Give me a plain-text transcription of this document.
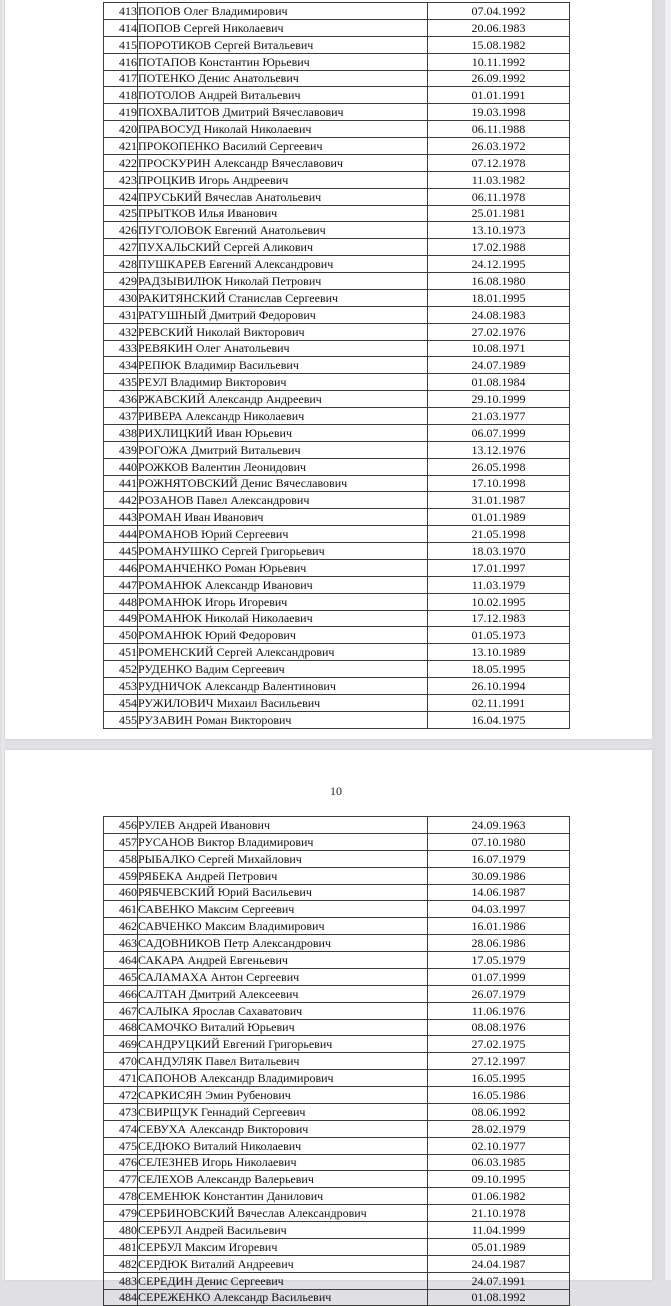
413	ПОПОВ Олег Владимирович	07.04.1992
414	ПОПОВ Сергей Николаевич	20.06.1983
415	ПОРОТИКОВ Сергей Витальевич	15.08.1982
416	ПОТАПОВ Константин Юрьевич	10.11.1992
417	ПОТЕНКО Денис Анатольевич	26.09.1992
418	ПОТОЛОВ Андрей Витальевич	01.01.1991
419	ПОХВАЛИТОВ Дмитрий Вячеславович	19.03.1998
420	ПРАВОСУД Николай Николаевич	06.11.1988
421	ПРОКОПЕНКО Василий Сергеевич	26.03.1972
422	ПРОСКУРИН Александр Вячеславович	07.12.1978
423	ПРОЦКИВ Игорь Андреевич	11.03.1982
424	ПРУСЬКИЙ Вячеслав Анатольевич	06.11.1978
425	ПРЫТКОВ Илья Иванович	25.01.1981
426	ПУГОЛОВОК Евгений Анатольевич	13.10.1973
427	ПУХАЛЬСКИЙ Сергей Аликович	17.02.1988
428	ПУШКАРЕВ Евгений Александрович	24.12.1995
429	РАДЗЫВИЛЮК Николай Петрович	16.08.1980
430	РАКИТЯНСКИЙ Станислав Сергеевич	18.01.1995
431	РАТУШНЫЙ Дмитрий Федорович	24.08.1983
432	РЕВСКИЙ Николай Викторович	27.02.1976
433	РЕВЯКИН Олег Анатольевич	10.08.1971
434	РЕПЮК Владимир Васильевич	24.07.1989
435	РЕУЛ Владимир Викторович	01.08.1984
436	РЖАВСКИЙ Александр Андреевич	29.10.1999
437	РИВЕРА Александр Николаевич	21.03.1977
438	РИХЛИЦКИЙ Иван Юрьевич	06.07.1999
439	РОГОЖА Дмитрий Витальевич	13.12.1976
440	РОЖКОВ Валентин Леонидович	26.05.1998
441	РОЖНЯТОВСКИЙ Денис Вячеславович	17.10.1998
442	РОЗАНОВ Павел Александрович	31.01.1987
443	РОМАН Иван Иванович	01.01.1989
444	РОМАНОВ Юрий Сергеевич	21.05.1998
445	РОМАНУШКО Сергей Григорьевич	18.03.1970
446	РОМАНЧЕНКО Роман Юрьевич	17.01.1997
447	РОМАНЮК Александр Иванович	11.03.1979
448	РОМАНЮК Игорь Игоревич	10.02.1995
449	РОМАНЮК Николай Николаевич	17.12.1983
450	РОМАНЮК Юрий Федорович	01.05.1973
451	РОМЕНСКИЙ Сергей Александрович	13.10.1989
452	РУДЕНКО Вадим Сергеевич	18.05.1995
453	РУДНИЧОК Александр Валентинович	26.10.1994
454	РУЖИЛОВИЧ Михаил Васильевич	02.11.1991
455	РУЗАВИН Роман Викторович	16.04.1975
10
456	РУЛЕВ Андрей Иванович	24.09.1963
457	РУСАНОВ Виктор Владимирович	07.10.1980
458	РЫБАЛКО Сергей Михайлович	16.07.1979
459	РЯБЕКА Андрей Петрович	30.09.1986
460	РЯБЧЕВСКИЙ Юрий Васильевич	14.06.1987
461	САВЕНКО Максим Сергеевич	04.03.1997
462	САВЧЕНКО Максим Владимирович	16.01.1986
463	САДОВНИКОВ Петр Александрович	28.06.1986
464	САКАРА Андрей Евгеньевич	17.05.1979
465	САЛАМАХА Антон Сергеевич	01.07.1999
466	САЛТАН Дмитрий Алексеевич	26.07.1979
467	САЛЫКА Ярослав Сахаватович	11.06.1976
468	САМОЧКО Виталий Юрьевич	08.08.1976
469	САНДРУЦКИЙ Евгений Григорьевич	27.02.1975
470	САНДУЛЯК Павел Витальевич	27.12.1997
471	САПОНОВ Александр Владимирович	16.05.1995
472	САРКИСЯН Эмин Рубенович	16.05.1986
473	СВИРЩУК Геннадий Сергеевич	08.06.1992
474	СЕВУХА Александр Викторович	28.02.1979
475	СЕДЮКО Виталий Николаевич	02.10.1977
476	СЕЛЕЗНЕВ Игорь Николаевич	06.03.1985
477	СЕЛЕХОВ Александр Валерьевич	09.10.1995
478	СЕМЕНЮК Константин Данилович	01.06.1982
479	СЕРБИНОВСКИЙ Вячеслав Александрович	21.10.1978
480	СЕРБУЛ Андрей Васильевич	11.04.1999
481	СЕРБУЛ Максим Игоревич	05.01.1989
482	СЕРДЮК Виталий Андреевич	24.04.1987
483	СЕРЕДИН Денис Сергеевич	24.07.1991
484	СЕРЕЖЕНКО Александр Васильевич	01.08.1992
